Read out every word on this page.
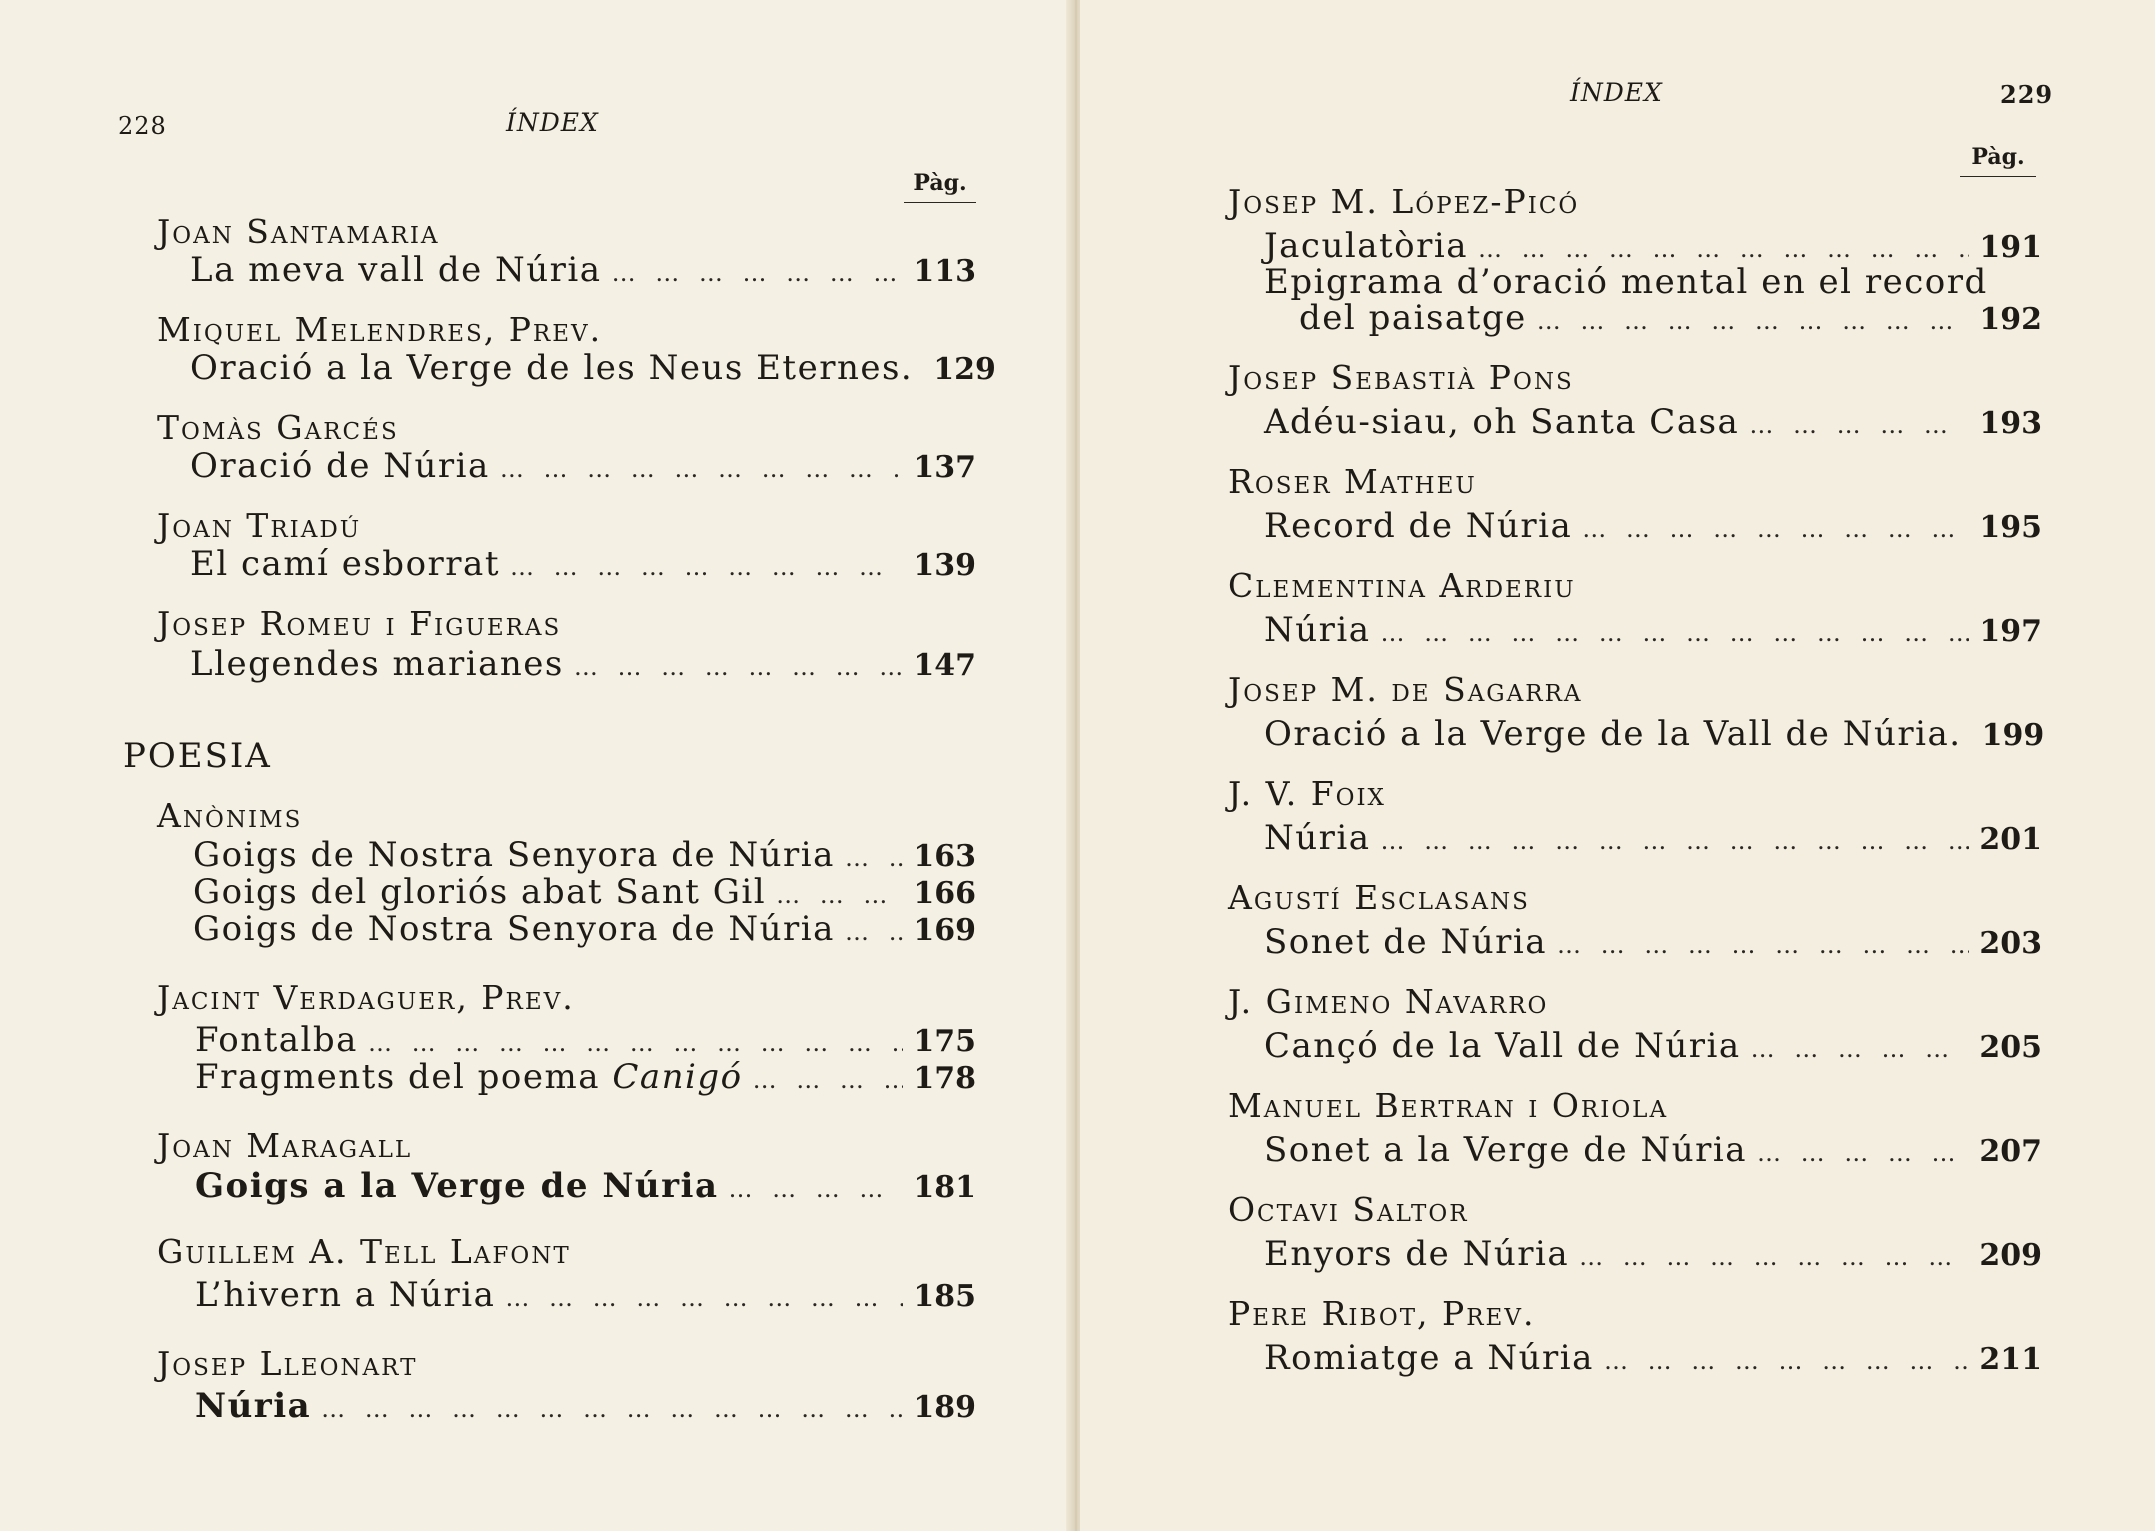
228	ÍNDEX
Pàg.
Joan Santamaria
La meva vall de Núria … … … … … … … … … … … … … … … … … … … … … … … …	113
Miquel Melendres, Prev.
Oració a la Verge de les Neus Eternes. 129
Tomàs Garcés
Oració de Núria … … … … … … … … … … … … … … … … … … … … … … … …	137
Joan Triadú
El camí esborrat … … … … … … … … … … … … … … … … … … … … … … … …	139
Josep Romeu i Figueras
Llegendes marianes … … … … … … … … … … … … … … … … … … … … … … … …	147
POESIA
Anònims
Goigs de Nostra Senyora de Núria … … … … … … … … … … … … … … … … … … … … … … … …	163
Goigs del gloriós abat Sant Gil … … … … … … … … … … … … … … … … … … … … … … … …	166
Goigs de Nostra Senyora de Núria … … … … … … … … … … … … … … … … … … … … … … … …	169
Jacint Verdaguer, Prev.
Fontalba … … … … … … … … … … … … … … … … … … … … … … … …	175
Fragments del poema Canigó … … … … … … … … … … … … … … … … … … … … … … … …	178
Joan Maragall
Goigs a la Verge de Núria … … … … … … … … … … … … … … … … … … … … … … … …	181
Guillem A. Tell Lafont
L’hivern a Núria … … … … … … … … … … … … … … … … … … … … … … … …	185
Josep Lleonart
Núria … … … … … … … … … … … … … … … … … … … … … … … …	189
ÍNDEX	229
Pàg.
Josep M. López-Picó
Jaculatòria … … … … … … … … … … … … … … … … … … … … … … … …	191
Epigrama d’oració mental en el record
del paisatge … … … … … … … … … … … … … … … … … … … … … … … …	192
Josep Sebastià Pons
Adéu-siau, oh Santa Casa … … … … … … … … … … … … … … … … … … … … … … … …	193
Roser Matheu
Record de Núria … … … … … … … … … … … … … … … … … … … … … … … …	195
Clementina Arderiu
Núria … … … … … … … … … … … … … … … … … … … … … … … …	197
Josep M. de Sagarra
Oració a la Verge de la Vall de Núria. 199
J. V. Foix
Núria … … … … … … … … … … … … … … … … … … … … … … … …	201
Agustí Esclasans
Sonet de Núria … … … … … … … … … … … … … … … … … … … … … … … …	203
J. Gimeno Navarro
Cançó de la Vall de Núria … … … … … … … … … … … … … … … … … … … … … … … …	205
Manuel Bertran i Oriola
Sonet a la Verge de Núria … … … … … … … … … … … … … … … … … … … … … … … …	207
Octavi Saltor
Enyors de Núria … … … … … … … … … … … … … … … … … … … … … … … …	209
Pere Ribot, Prev.
Romiatge a Núria … … … … … … … … … … … … … … … … … … … … … … … …	211
